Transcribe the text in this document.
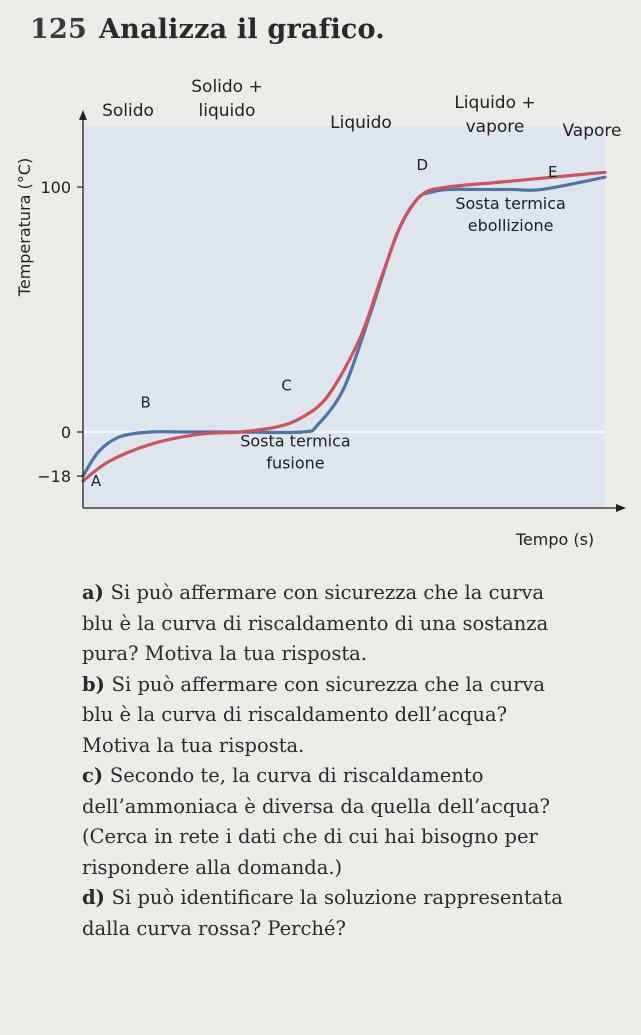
125 Analizza il grafico.
100
0
−18
Temperatura (°C)
Tempo (s)
Solido
Solido +
liquido
Liquido
Liquido +
vapore Vapore
A
B
C
D	E
Sosta termica
fusione
Sosta termica
ebollizione

a) Si può affermare con sicurezza che la curva

blu è la curva di riscaldamento di una sostanza

pura? Motiva la tua risposta.

b) Si può affermare con sicurezza che la curva

blu è la curva di riscaldamento dell’acqua?

Motiva la tua risposta.

c) Secondo te, la curva di riscaldamento

dell’ammoniaca è diversa da quella dell’acqua?

(Cerca in rete i dati che di cui hai bisogno per

rispondere alla domanda.)

d) Si può identificare la soluzione rappresentata

dalla curva rossa? Perché?
